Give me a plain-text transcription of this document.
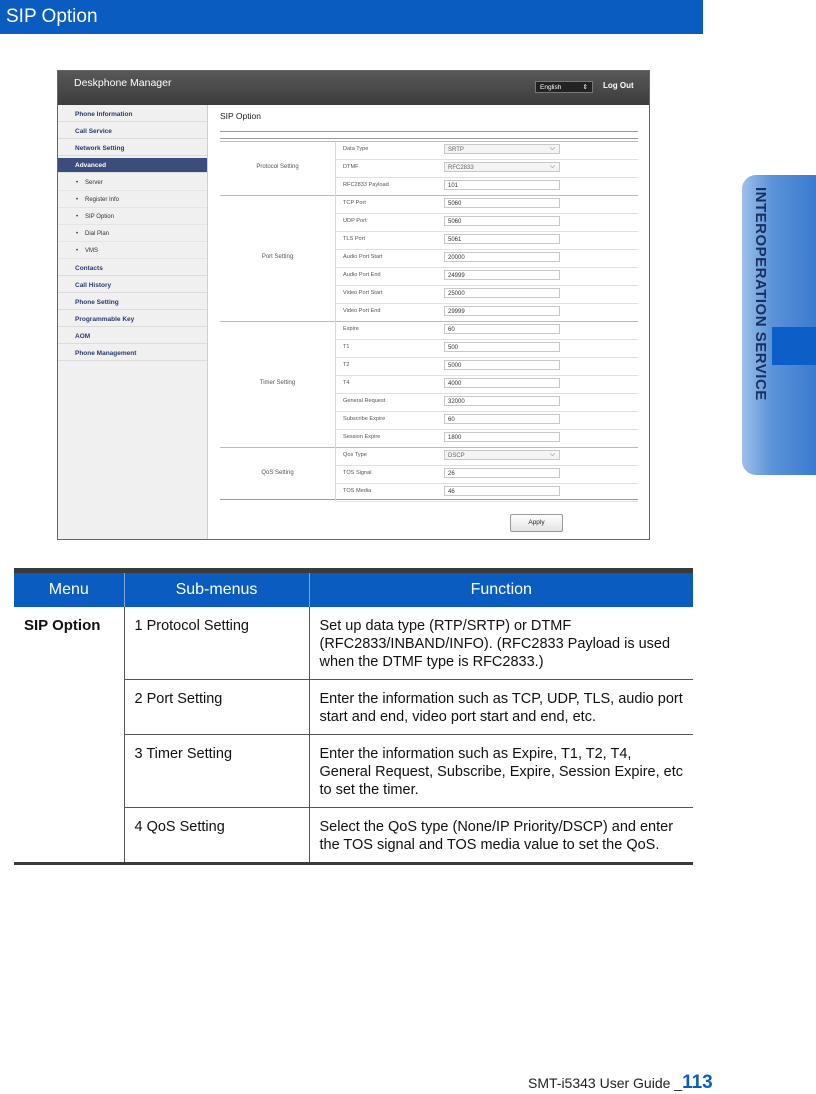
SIP Option
INTEROPERATION SERVICE
Deskphone Manager	English	⇕ Log Out
Phone Information
Call Service
Network Setting
Advanced
• Server
• Register Info
• SIP Option
• Dial Plan
• VMS
Contacts
Call History
Phone Setting
Programmable Key
AOM
Phone Management
SIP Option
Apply
Data Type	SRTP ⌵
DTMF	RFC2833 ⌵
RFC2833 Payload	101
Protocol Setting
TCP Port	5060
UDP Port	5060
TLS Port	5061
Audio Port Start	20000
Audio Port End	24999
Video Port Start	25000
Video Port End	29999
Port Setting
Expire	60
T1	500
T2	5000
T4	4000
General Request	32000
Subscribe Expire	60
Session Expire	1800
Timer Setting
Qos Type	DSCP ⌵
TOS Signal	26
TOS Media	46
QoS Setting
Menu	Sub-menus	Function
SIP Option	1 Protocol Setting	Set up data type (RTP/SRTP) or DTMF (RFC2833/INBAND/INFO). (RFC2833 Payload is used when the DTMF type is RFC2833.)
	2 Port Setting	Enter the information such as TCP, UDP, TLS, audio port start and end, video port start and end, etc.
	3 Timer Setting	Enter the information such as Expire, T1, T2, T4, General Request, Subscribe, Expire, Session Expire, etc to set the timer.
	4 QoS Setting	Select the QoS type (None/IP Priority/DSCP) and enter the TOS signal and TOS media value to set the QoS.
SMT-i5343 User Guide _113
